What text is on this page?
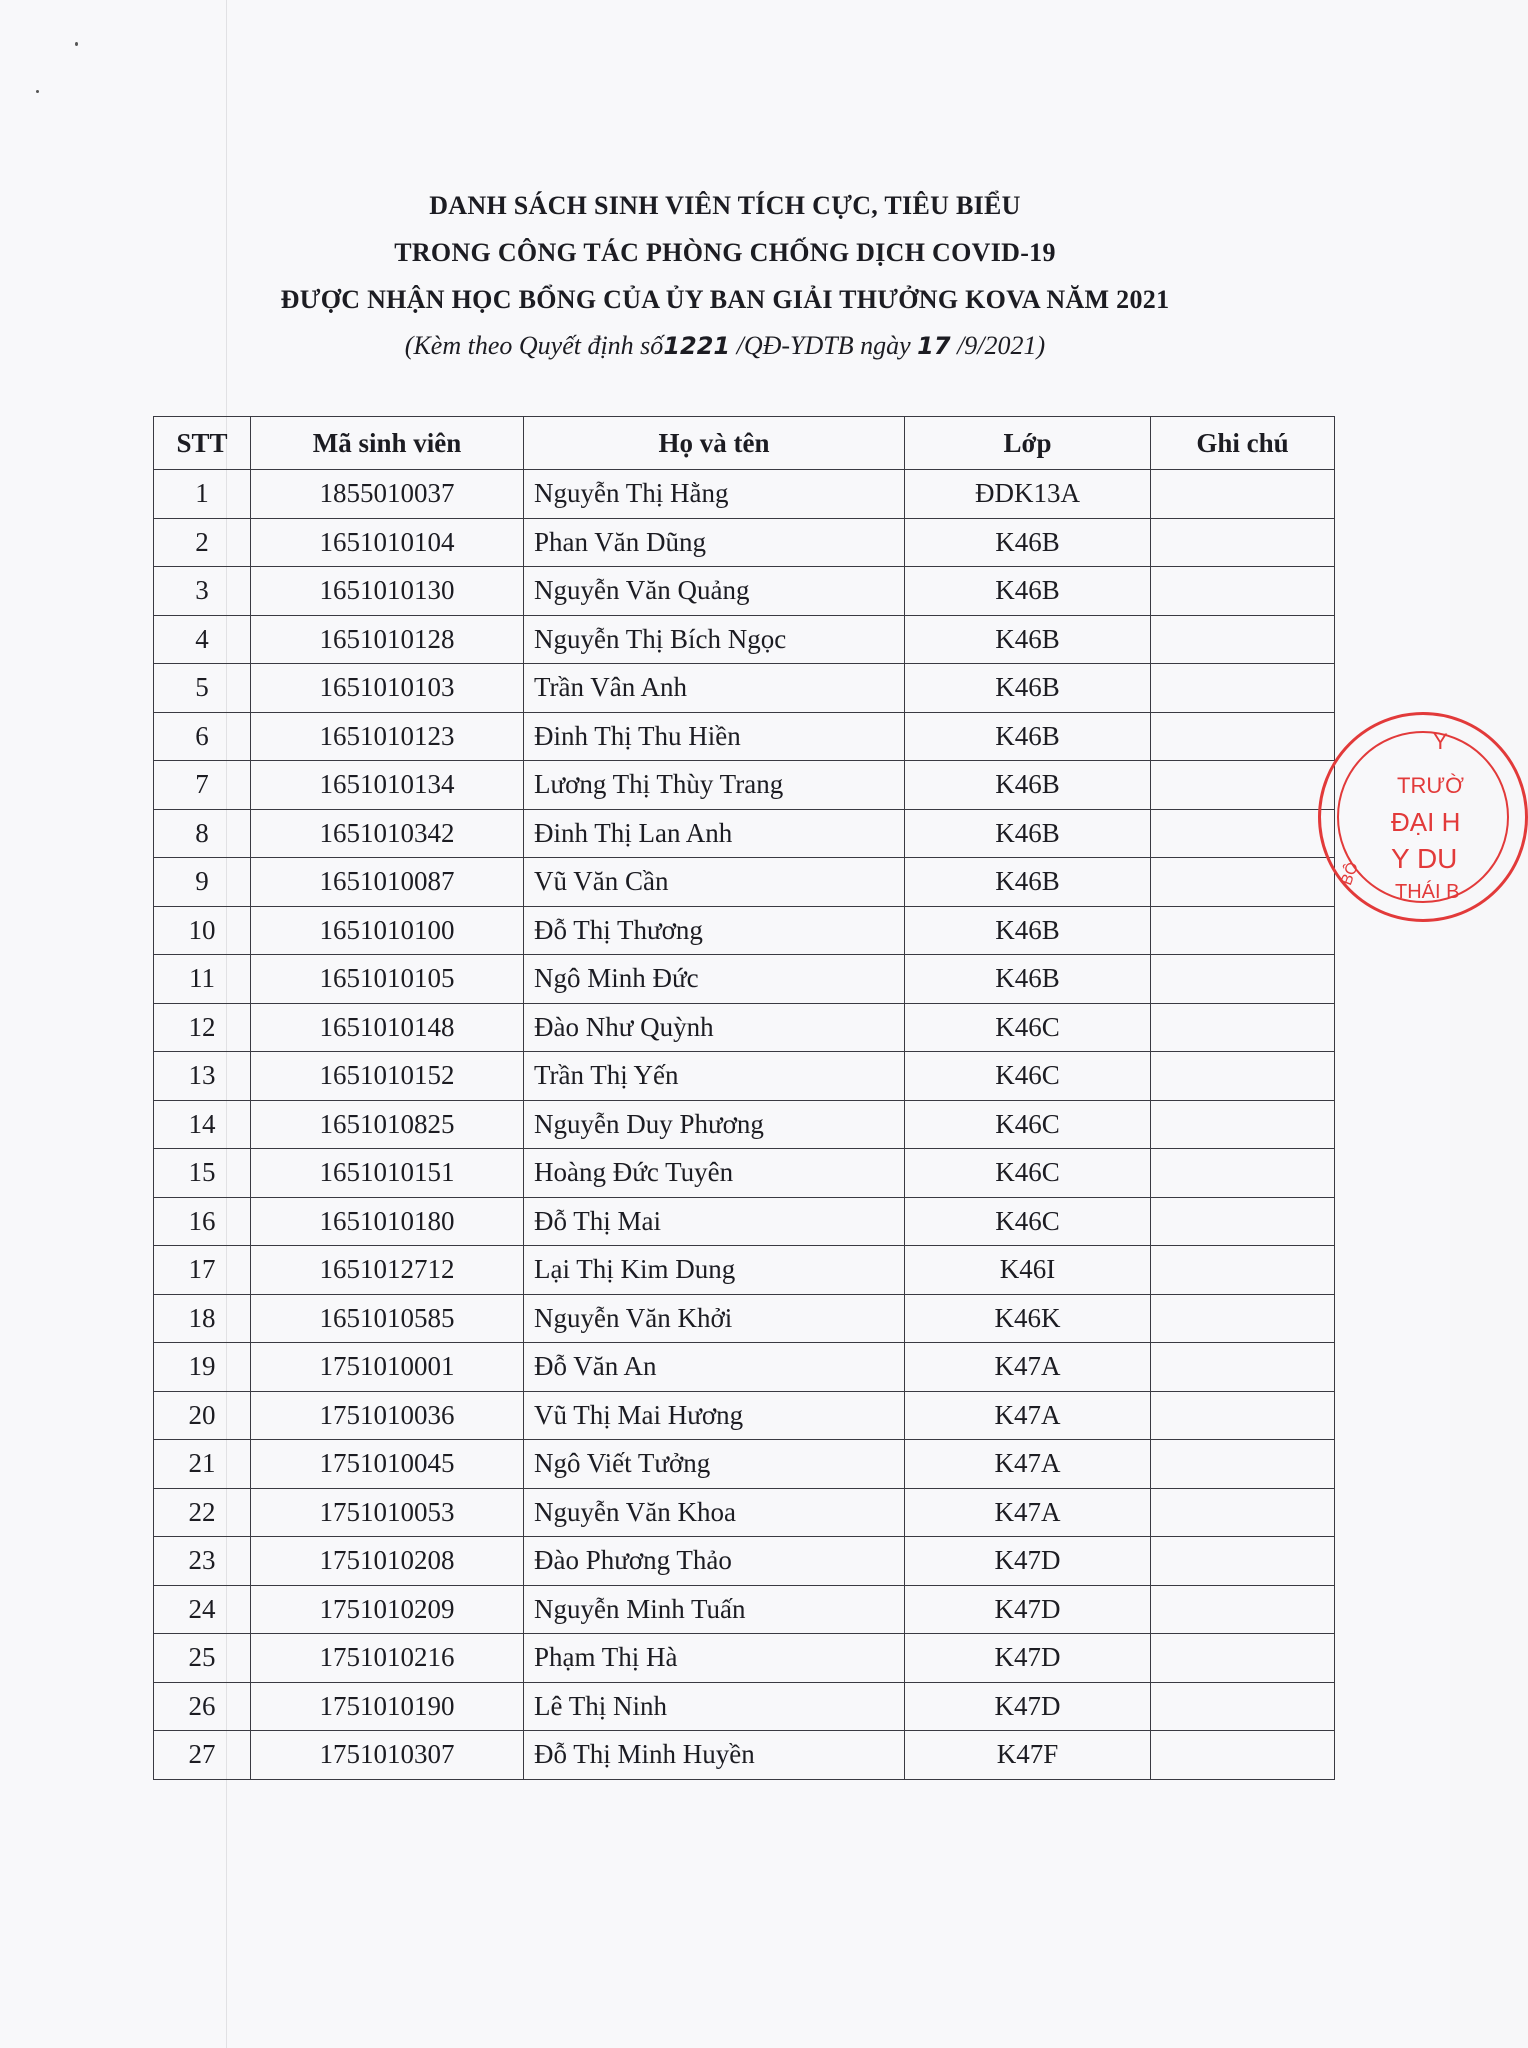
DANH SÁCH SINH VIÊN TÍCH CỰC, TIÊU BIỂU
TRONG CÔNG TÁC PHÒNG CHỐNG DỊCH COVID-19
ĐƯỢC NHẬN HỌC BỔNG CỦA ỦY BAN GIẢI THƯỞNG KOVA NĂM 2021
(Kèm theo Quyết định số1221 /QĐ-YDTB ngày 17 /9/2021)
STT	Mã sinh viên	Họ và tên	Lớp	Ghi chú
1	1855010037	Nguyễn Thị Hằng	ĐDK13A	
2	1651010104	Phan Văn Dũng	K46B	
3	1651010130	Nguyễn Văn Quảng	K46B	
4	1651010128	Nguyễn Thị Bích Ngọc	K46B	
5	1651010103	Trần Vân Anh	K46B	
6	1651010123	Đinh Thị Thu Hiền	K46B	
7	1651010134	Lương Thị Thùy Trang	K46B	
8	1651010342	Đinh Thị Lan Anh	K46B	
9	1651010087	Vũ Văn Cần	K46B	
10	1651010100	Đỗ Thị Thương	K46B	
11	1651010105	Ngô Minh Đức	K46B	
12	1651010148	Đào Như Quỳnh	K46C	
13	1651010152	Trần Thị Yến	K46C	
14	1651010825	Nguyễn Duy Phương	K46C	
15	1651010151	Hoàng Đức Tuyên	K46C	
16	1651010180	Đỗ Thị Mai	K46C	
17	1651012712	Lại Thị Kim Dung	K46I	
18	1651010585	Nguyễn Văn Khởi	K46K	
19	1751010001	Đỗ Văn An	K47A	
20	1751010036	Vũ Thị Mai Hương	K47A	
21	1751010045	Ngô Viết Tưởng	K47A	
22	1751010053	Nguyễn Văn Khoa	K47A	
23	1751010208	Đào Phương Thảo	K47D	
24	1751010209	Nguyễn Minh Tuấn	K47D	
25	1751010216	Phạm Thị Hà	K47D	
26	1751010190	Lê Thị Ninh	K47D	
27	1751010307	Đỗ Thị Minh Huyền	K47F	
Y
TRƯỜ
ĐẠI H
Y DU
THÁI B
BỘ
